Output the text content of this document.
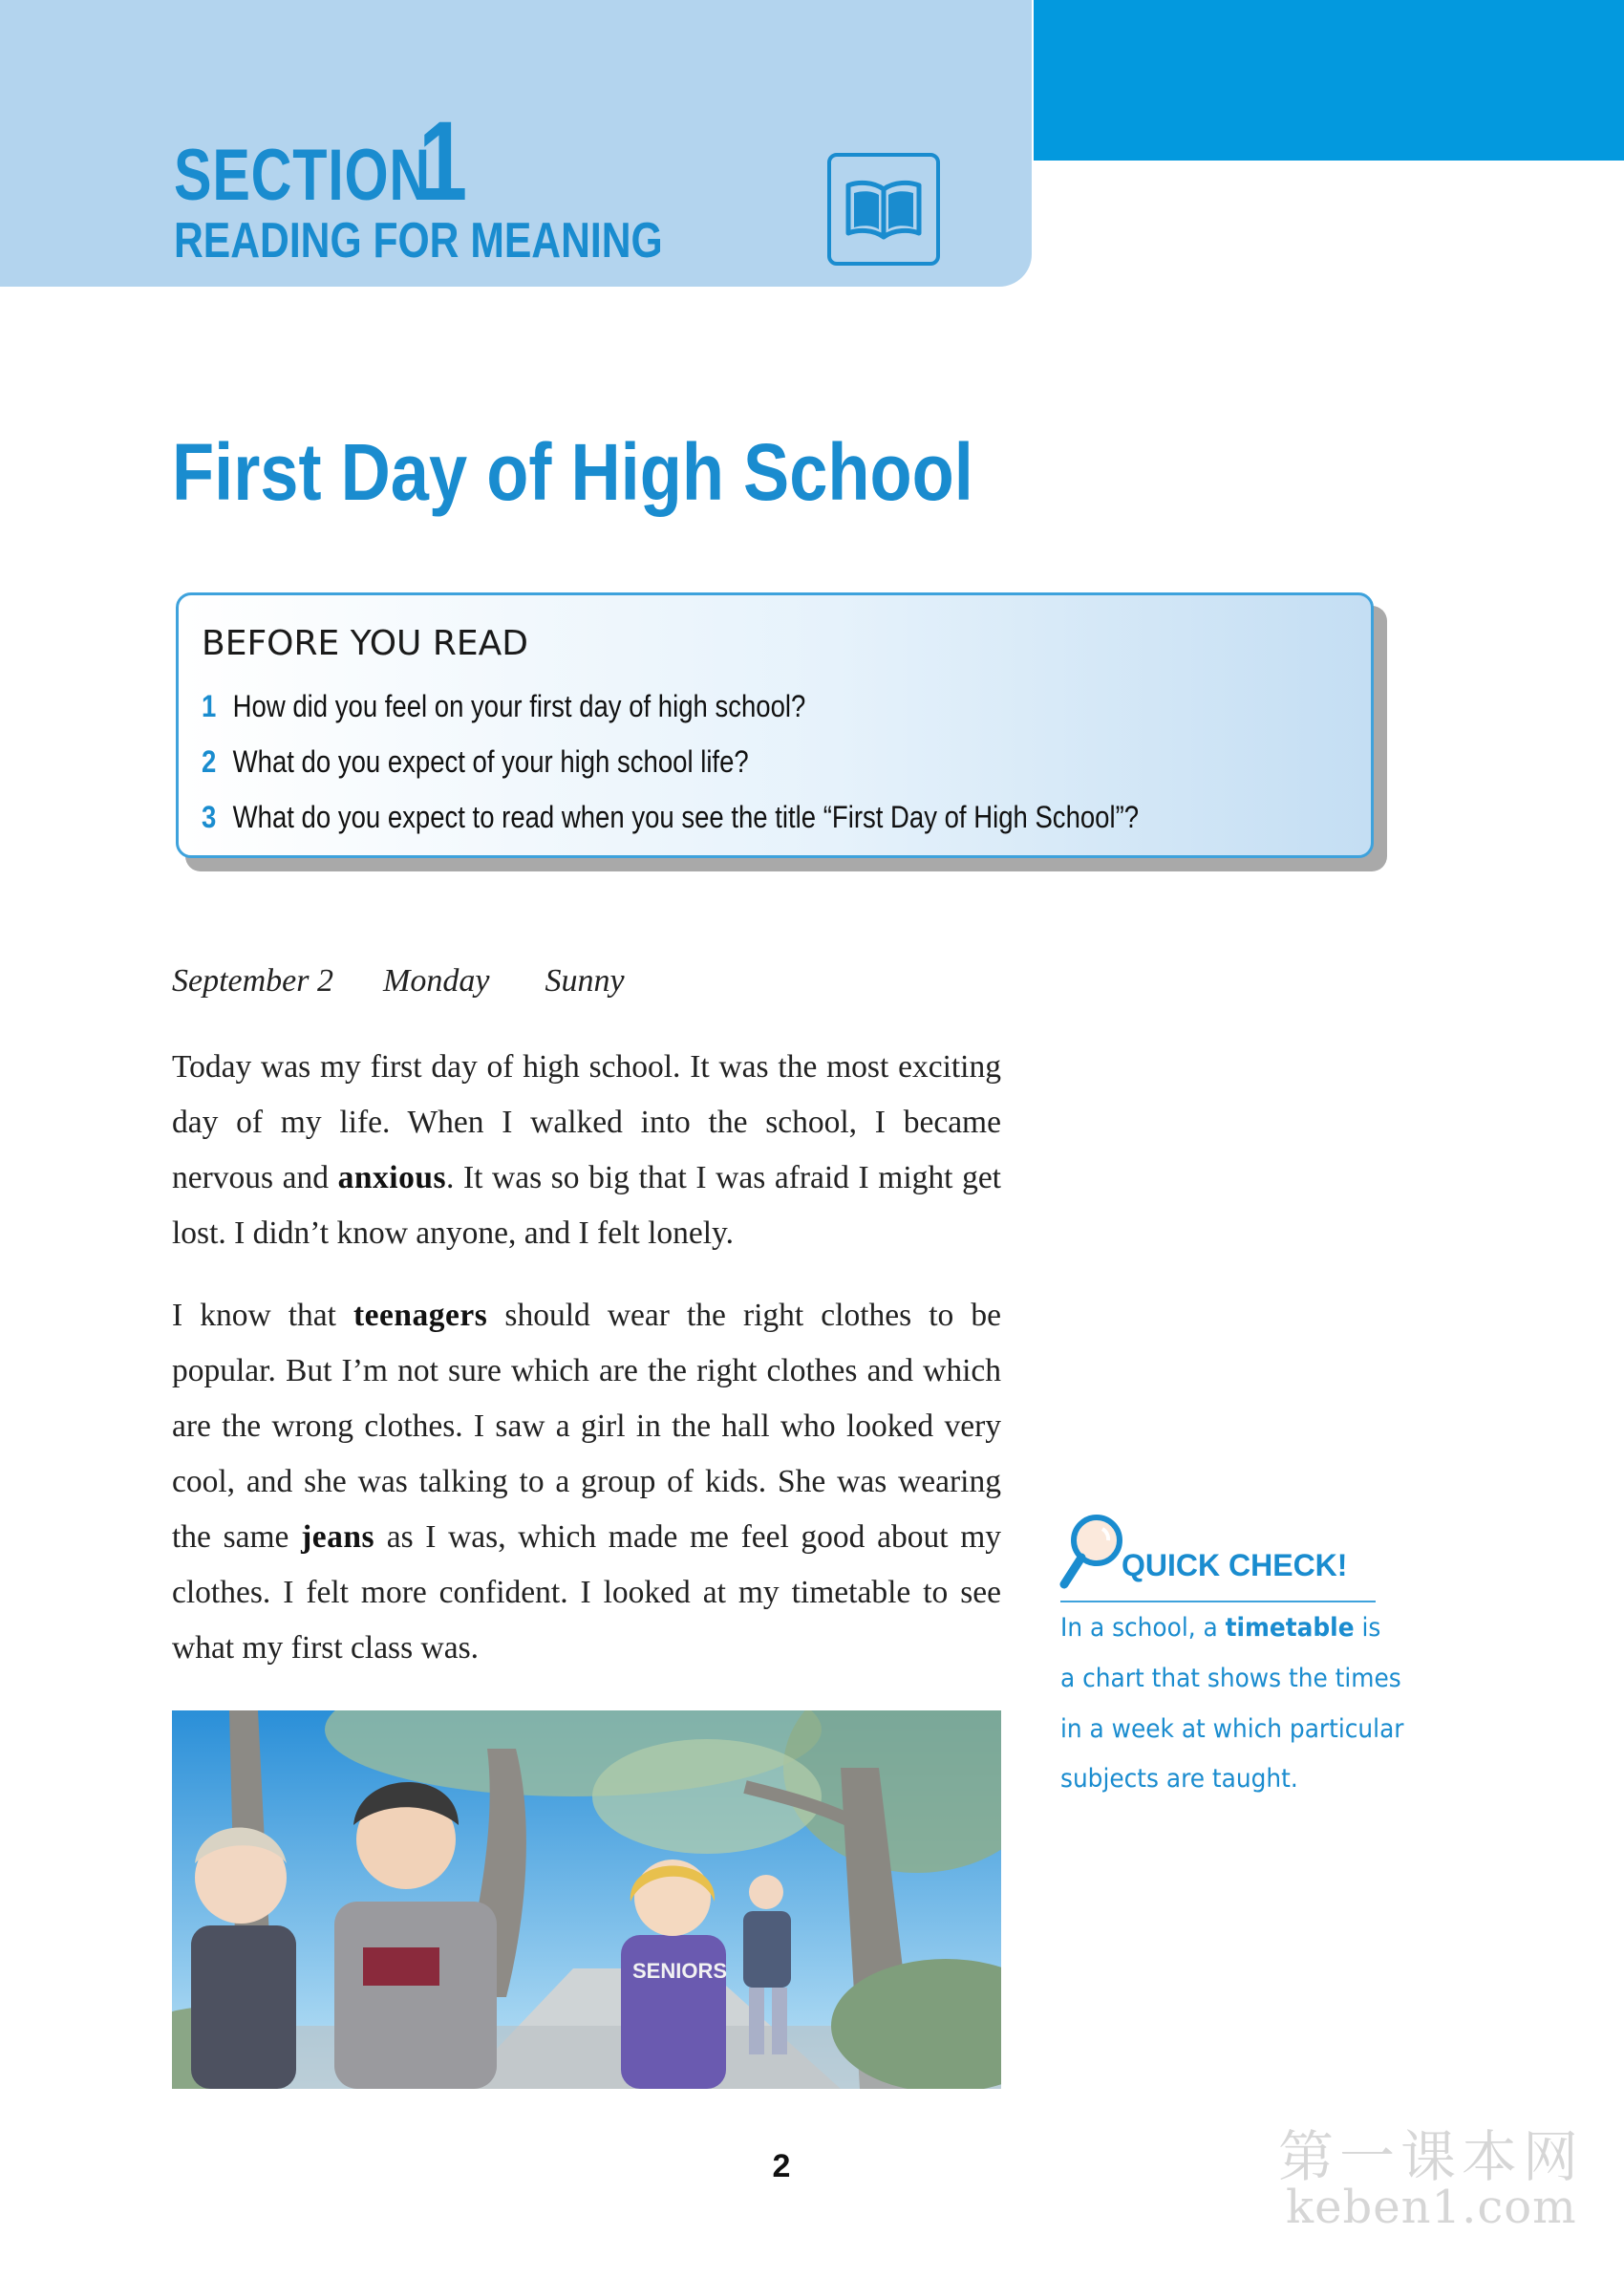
SECTION
1
READING FOR MEANING
First Day of High School
BEFORE YOU READ
1 How did you feel on your first day of high school?
2 What do you expect of your high school life?
3 What do you expect to read when you see the title “First Day of High School”?
September 2 Monday Sunny
Today was my first day of high school. It was the most exciting day of my life. When I walked into the school, I became nervous and anxious. It was so big that I was afraid I might get lost. I didn’t know anyone, and I felt lonely.
I know that teenagers should wear the right clothes to be popular. But I’m not sure which are the right clothes and which are the wrong clothes. I saw a girl in the hall who looked very cool, and she was talking to a group of kids. She was wearing the same jeans as I was, which made me feel good about my clothes. I felt more confident. I looked at my timetable to see what my first class was.
SENIORS
QUICK CHECK!
In a school, a timetable is
a chart that shows the times
in a week at which particular
subjects are taught.
2	第一课本网
keben1.com
